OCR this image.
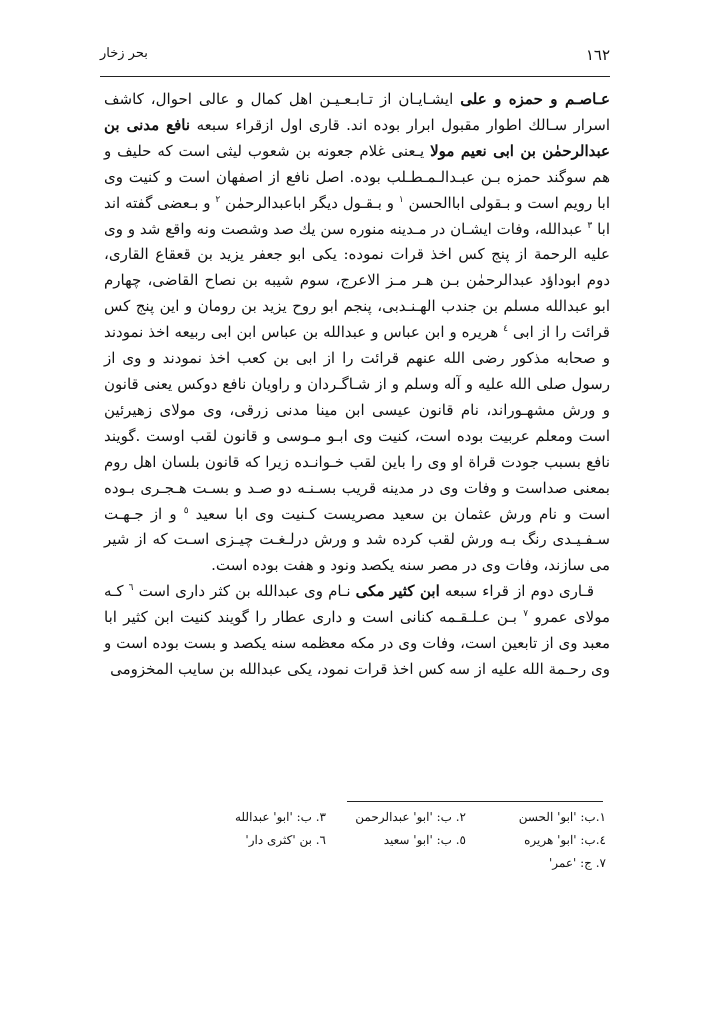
١٦٢
بحر زخار

عـاصـم و حمزه و علی ایشـایـان از تـابـعـیـن اهل کمال و عالی احوال، کاشف اسرار سـالك اطوار مقبول ابرار بوده اند. قاری اول ازقراء سبعه نافع مدنی بن عبدالرحمٰن بن ابی نعیم مولا یـعنی غلام جعونه بن شعوب لیثی است که حلیف و هم سوگند حمزه بـن عبـدالـمـطـلب بوده. اصل نافع از اصفهان است و کنیت وی ابا رویم است و بـقولی اباالحسن $^١$ و بـقـول دیگر اباعبدالرحمٰن $^٢$ و بـعضی گفته اند ابا $^٣$ عبدالله، وفات ایشـان در مـدینه منوره سن یك صد وشصت ونه واقع شد و وی علیه الرحمة از پنج کس اخذ قرات نموده: یکی ابو جعفر یزید بن قعقاع القاری، دوم ابوداؤد عبدالرحمٰن بـن هـر مـز الاعرج، سوم شیبه بن نصاح القاضی، چهارم ابو عبدالله مسلم بن جندب الهـنـدبی، پنجم ابو روح یزید بن رومان و این پنج کس قرائت را از ابی $^٤$ هریره و ابن عباس و عبدالله بن عباس ابن ابی ربیعه اخذ نمودند و صحابه مذکور رضی الله عنهم قرائت را از ابی بن کعب اخذ نمودند و وی از رسول صلی الله علیه و آله وسلم و از شـاگـردان و راویان نافع دوکس یعنی قانون و ورش مشهـوراند، نام قانون عیسی ابن مینا مدنی زرقی، وی مولای زهیرئین است ومعلم عربیت بوده است، کنیت وی ابـو مـوسی و قانون لقب اوست .گویند نافع بسبب جودت قراة او وی را باین لقب خـوانـده زیرا که قانون بلسان اهل روم بمعنی صداست و وفات وی در مدینه قریب بسـنـه دو صـد و بسـت هـجـری بـوده است و نام ورش عثمان بن سعید مصریست کـنیت وی ابا سعید $^٥$ و از جـهـت سـفـیـدی رنگ بـه ورش لقب کرده شد و ورش درلـغـت چیـزی اسـت که از شیر می سازند، وفات وی در مصر سنه یکصد ونود و هفت بوده است.

قـاری دوم از قراء سبعه ابن کثیر مکی نـام وی عبدالله بن کثر داری است $^٦$ کـه مولای عمرو $^٧$ بـن عـلـقـمه کنانی است و داری عطار را گویند کنیت ابن کثیر ابا معبد وی از تابعین است، وفات وی در مکه معظمه سنه یکصد و بست بوده است و وی رحـمة الله علیه از سه کس اخذ قرات نمود، یکی عبدالله بن سایب المخزومی

١.ب: 'ابو' الحسن
٢. ب: 'ابو' عبدالرحمن
٣. ب: 'ابو' عبدالله
٤.ب: 'ابو' هریره
٥. ب: 'ابو' سعید
٦. بن 'کثری دار'
٧. ج: 'عمر'
